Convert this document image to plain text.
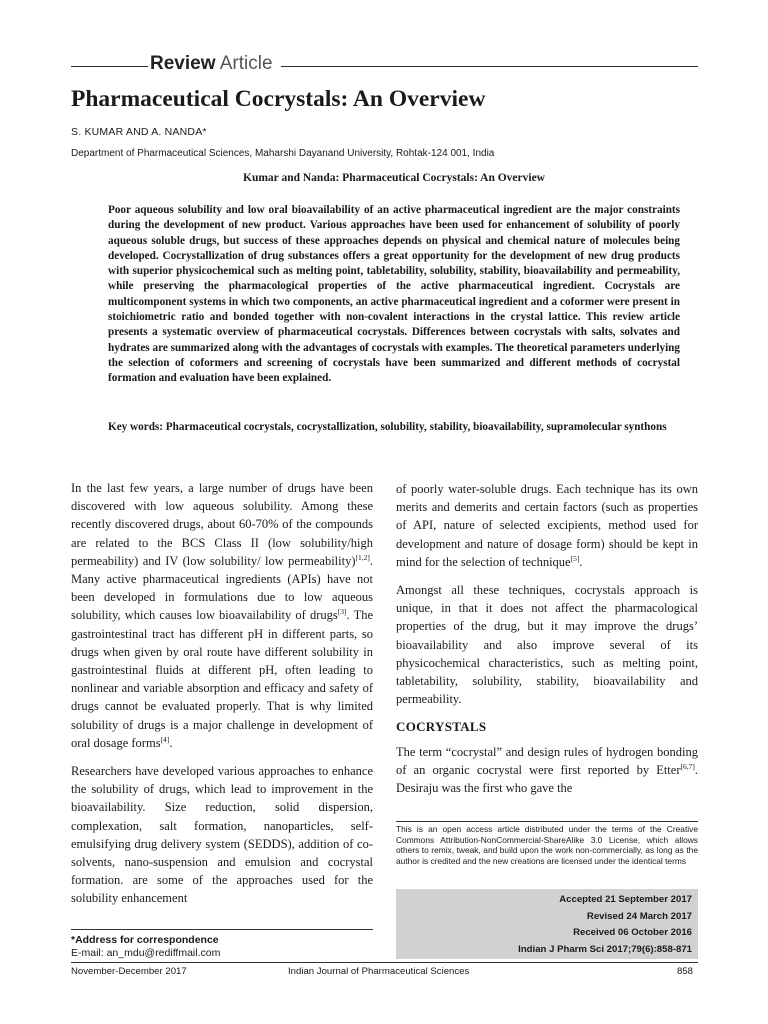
Review Article
Pharmaceutical Cocrystals: An Overview
S. KUMAR AND A. NANDA*
Department of Pharmaceutical Sciences, Maharshi Dayanand University, Rohtak-124 001, India
Kumar and Nanda: Pharmaceutical Cocrystals: An Overview
Poor aqueous solubility and low oral bioavailability of an active pharmaceutical ingredient are the major constraints during the development of new product. Various approaches have been used for enhancement of solubility of poorly aqueous soluble drugs, but success of these approaches depends on physical and chemical nature of molecules being developed. Cocrystallization of drug substances offers a great opportunity for the development of new drug products with superior physicochemical such as melting point, tabletability, solubility, stability, bioavailability and permeability, while preserving the pharmacological properties of the active pharmaceutical ingredient. Cocrystals are multicomponent systems in which two components, an active pharmaceutical ingredient and a coformer were present in stoichiometric ratio and bonded together with non-covalent interactions in the crystal lattice. This review article presents a systematic overview of pharmaceutical cocrystals. Differences between cocrystals with salts, solvates and hydrates are summarized along with the advantages of cocrystals with examples. The theoretical parameters underlying the selection of coformers and screening of cocrystals have been summarized and different methods of cocrystal formation and evaluation have been explained.
Key words: Pharmaceutical cocrystals, cocrystallization, solubility, stability, bioavailability, supramolecular synthons

In the last few years, a large number of drugs have been discovered with low aqueous solubility. Among these recently discovered drugs, about 60-70% of the compounds are related to the BCS Class II (low solubility/high permeability) and IV (low solubility/ low permeability)[1,2]. Many active pharmaceutical ingredients (APIs) have not been developed in formulations due to low aqueous solubility, which causes low bioavailability of drugs[3]. The gastrointestinal tract has different pH in different parts, so drugs when given by oral route have different solubility in gastrointestinal fluids at different pH, often leading to nonlinear and variable absorption and efficacy and safety of drugs cannot be evaluated properly. That is why limited solubility of drugs is a major challenge in development of oral dosage forms[4].

Researchers have developed various approaches to enhance the solubility of drugs, which lead to improvement in the bioavailability. Size reduction, solid dispersion, complexation, salt formation, nanoparticles, self-emulsifying drug delivery system (SEDDS), addition of co-solvents, nano-suspension and emulsion and cocrystal formation. are some of the approaches used for the solubility enhancement

of poorly water-soluble drugs. Each technique has its own merits and demerits and certain factors (such as properties of API, nature of selected excipients, method used for development and nature of dosage form) should be kept in mind for the selection of technique[5].

Amongst all these techniques, cocrystals approach is unique, in that it does not affect the pharmacological properties of the drug, but it may improve the drugs’ bioavailability and also improve several of its physicochemical characteristics, such as melting point, tabletability, solubility, stability, bioavailability and permeability.

COCRYSTALS

The term “cocrystal” and design rules of hydrogen bonding of an organic cocrystal were first reported by Etter[6,7]. Desiraju was the first who gave the

This is an open access article distributed under the terms of the Creative Commons Attribution-NonCommercial-ShareAlike 3.0 License, which allows others to remix, tweak, and build upon the work non-commercially, as long as the author is credited and the new creations are licensed under the identical terms
Accepted 21 September 2017
Revised 24 March 2017
Received 06 October 2016
Indian J Pharm Sci 2017;79(6):858-871
*Address for correspondence
E-mail: an_mdu@rediffmail.com
November-December 2017	Indian Journal of Pharmaceutical Sciences	858
